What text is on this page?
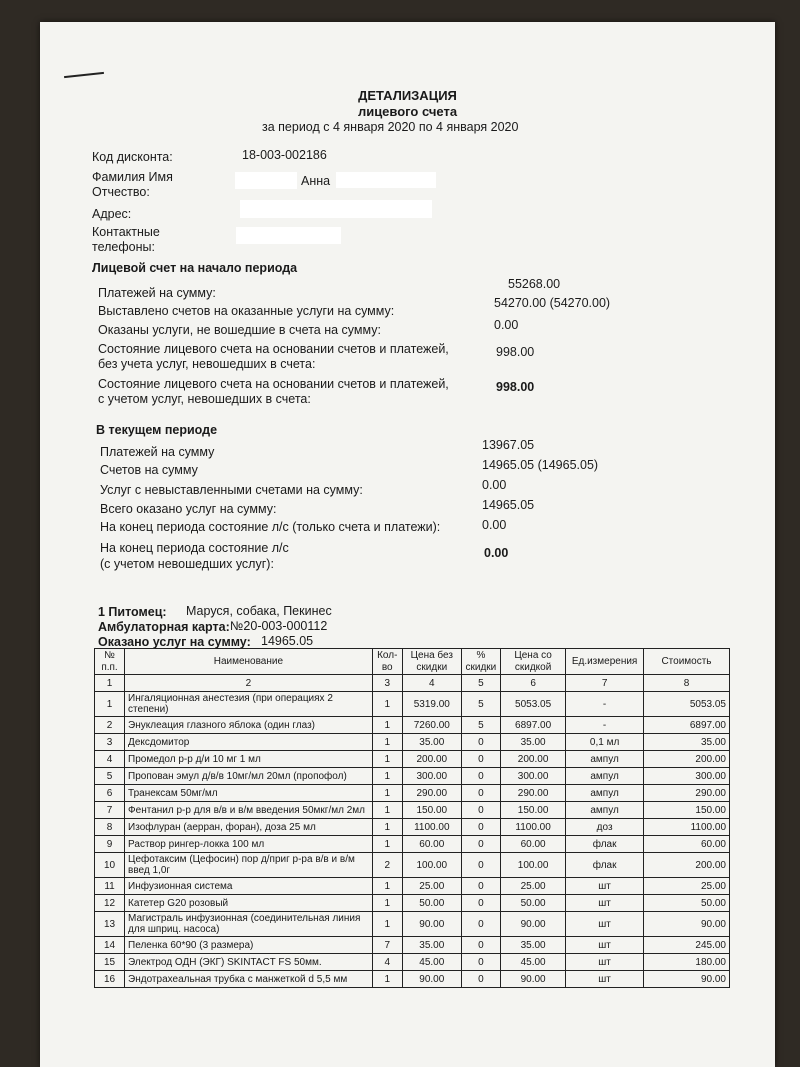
ДЕТАЛИЗАЦИЯ
лицевого счета
за период с 4 января 2020 по 4 января 2020
Код дисконта:	18-003-002186
Фамилия Имя
Отчество:
Анна
Адрес:
Контактные
телефоны:
Лицевой счет на начало периода
Платежей на сумму:
55268.00
Выставлено счетов на оказанные услуги на сумму:
54270.00 (54270.00)
Оказаны услуги, не вошедшие в счета на сумму:	0.00
Состояние лицевого счета на основании счетов и платежей,
без учета услуг, невошедших в счета:
998.00
Состояние лицевого счета на основании счетов и платежей,
с учетом услуг, невошедших в счета:
998.00
В текущем периоде
Платежей на сумму	13967.05
Счетов на сумму	14965.05 (14965.05)
Услуг с невыставленными счетами на сумму:	0.00
Всего оказано услуг на сумму:	14965.05
На конец периода состояние л/с (только счета и платежи):	0.00
На конец периода состояние л/с
(с учетом невошедших услуг):
0.00
1 Питомец: Маруся, собака, Пекинес
Амбулаторная карта: №20-003-000112
Оказано услуг на сумму: 14965.05
№ п.п.	Наименование	Кол-во	Цена без скидки	% скидки	Цена со скидкой	Ед.измерения	Стоимость
1	2	3	4	5	6	7	8
1	Ингаляционная анестезия (при операциях 2 степени)	1	5319.00	5	5053.05	-	5053.05
2	Энуклеация глазного яблока (один глаз)	1	7260.00	5	6897.00	-	6897.00
3	Дексдомитор	1	35.00	0	35.00	0,1 мл	35.00
4	Промедол р-р д/и 10 мг 1 мл	1	200.00	0	200.00	ампул	200.00
5	Пропован эмул д/в/в 10мг/мл 20мл (пропофол)	1	300.00	0	300.00	ампул	300.00
6	Транексам 50мг/мл	1	290.00	0	290.00	ампул	290.00
7	Фентанил р-р для в/в и в/м введения 50мкг/мл 2мл	1	150.00	0	150.00	ампул	150.00
8	Изофлуран (аерран, форан), доза 25 мл	1	1100.00	0	1100.00	доз	1100.00
9	Раствор рингер-локка 100 мл	1	60.00	0	60.00	флак	60.00
10	Цефотаксим (Цефосин) пор д/приг р-ра в/в и в/м введ 1,0г	2	100.00	0	100.00	флак	200.00
11	Инфузионная система	1	25.00	0	25.00	шт	25.00
12	Катетер G20 розовый	1	50.00	0	50.00	шт	50.00
13	Магистраль инфузионная (соединительная линия для шприц. насоса)	1	90.00	0	90.00	шт	90.00
14	Пеленка 60*90 (3 размера)	7	35.00	0	35.00	шт	245.00
15	Электрод ОДН (ЭКГ) SKINTACT FS 50мм.	4	45.00	0	45.00	шт	180.00
16	Эндотрахеальная трубка с манжеткой d 5,5 мм	1	90.00	0	90.00	шт	90.00
